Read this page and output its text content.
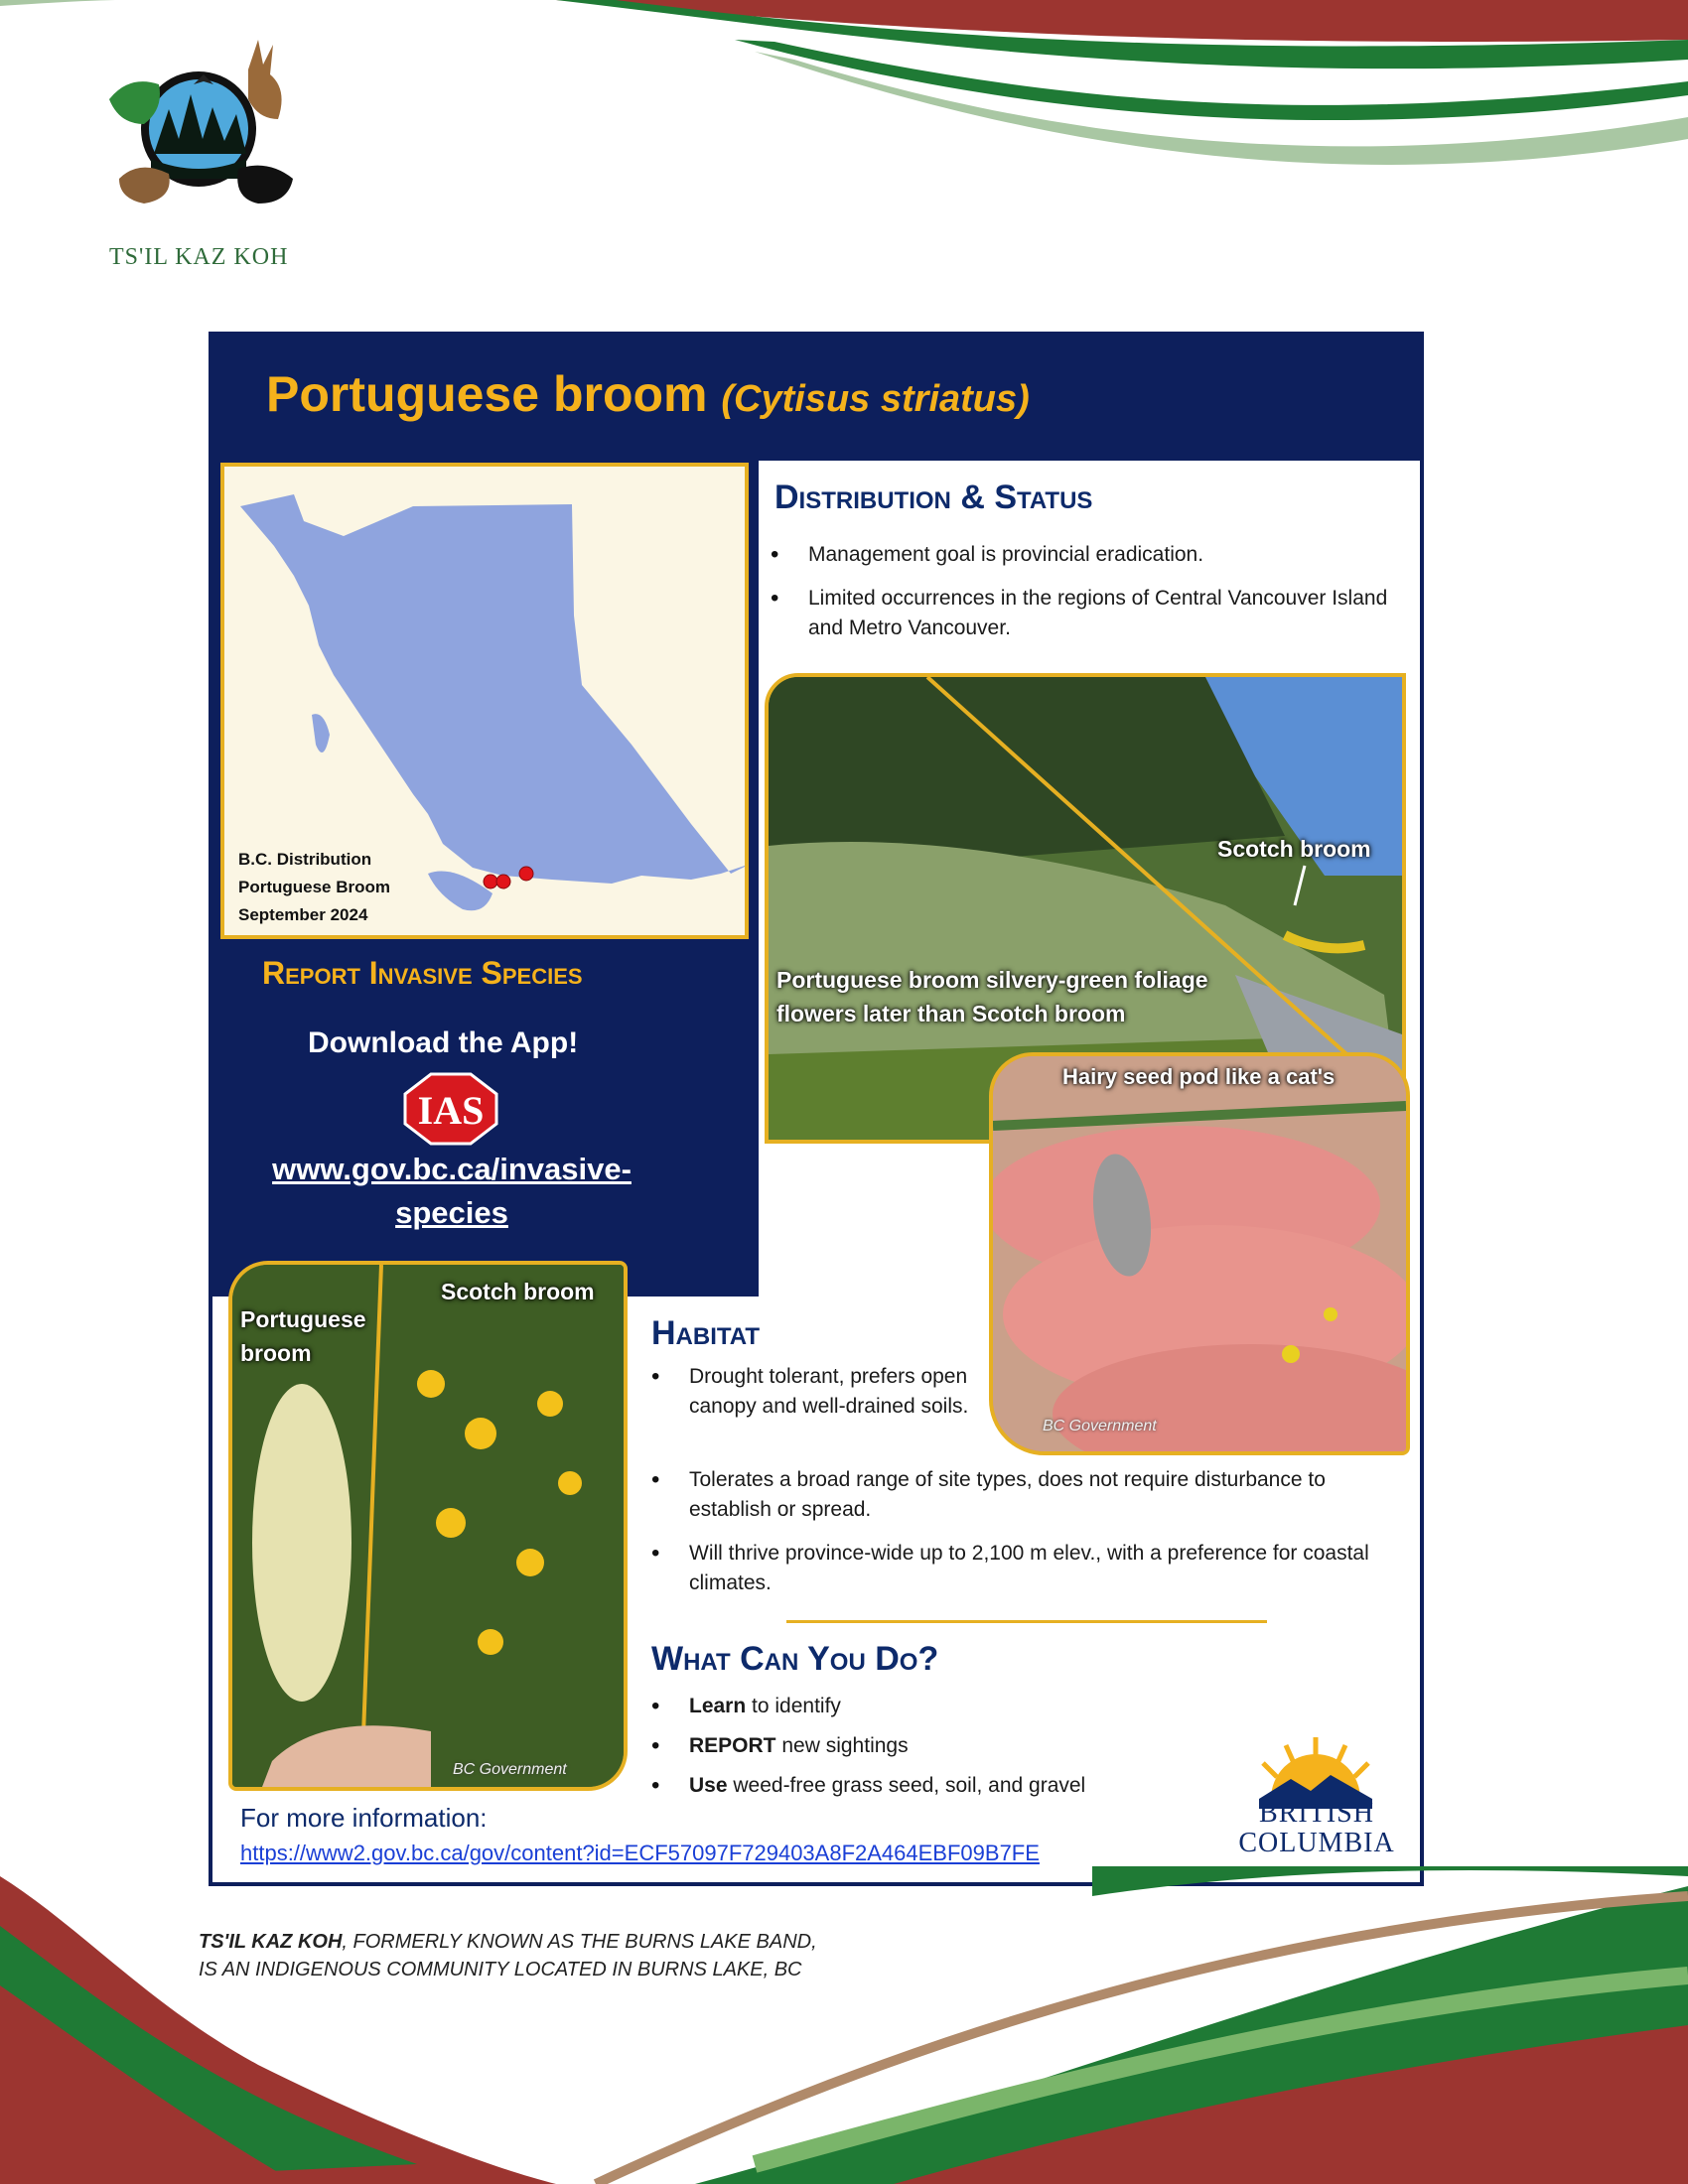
TS'IL KAZ KOH
Portuguese broom (Cytisus striatus)
B.C. Distribution
Portuguese Broom
September 2024
Report Invasive Species
Download the App!
IAS
www.gov.bc.ca/invasive-species
Distribution & Status
• Management goal is provincial eradication.
• Limited occurrences in the regions of Central Vancouver Island and Metro Vancouver.
Scotch broom
Portuguese broom silvery-green foliage flowers later than Scotch broom
Hairy seed pod like a cat's
BC Government
Portuguese broom
Scotch broom
BC Government
Habitat
• Drought tolerant, prefers open canopy and well-drained soils.
• Tolerates a broad range of site types, does not require disturbance to establish or spread.
• Will thrive province-wide up to 2,100 m elev., with a preference for coastal climates.
What Can You Do?
• Learn to identify
• REPORT new sightings
• Use weed-free grass seed, soil, and gravel
For more information:
https://www2.gov.bc.ca/gov/content?id=ECF57097F729403A8F2A464EBF09B7FE
BRITISH
COLUMBIA
TS'IL KAZ KOH, FORMERLY KNOWN AS THE BURNS LAKE BAND,
IS AN INDIGENOUS COMMUNITY LOCATED IN BURNS LAKE, BC
